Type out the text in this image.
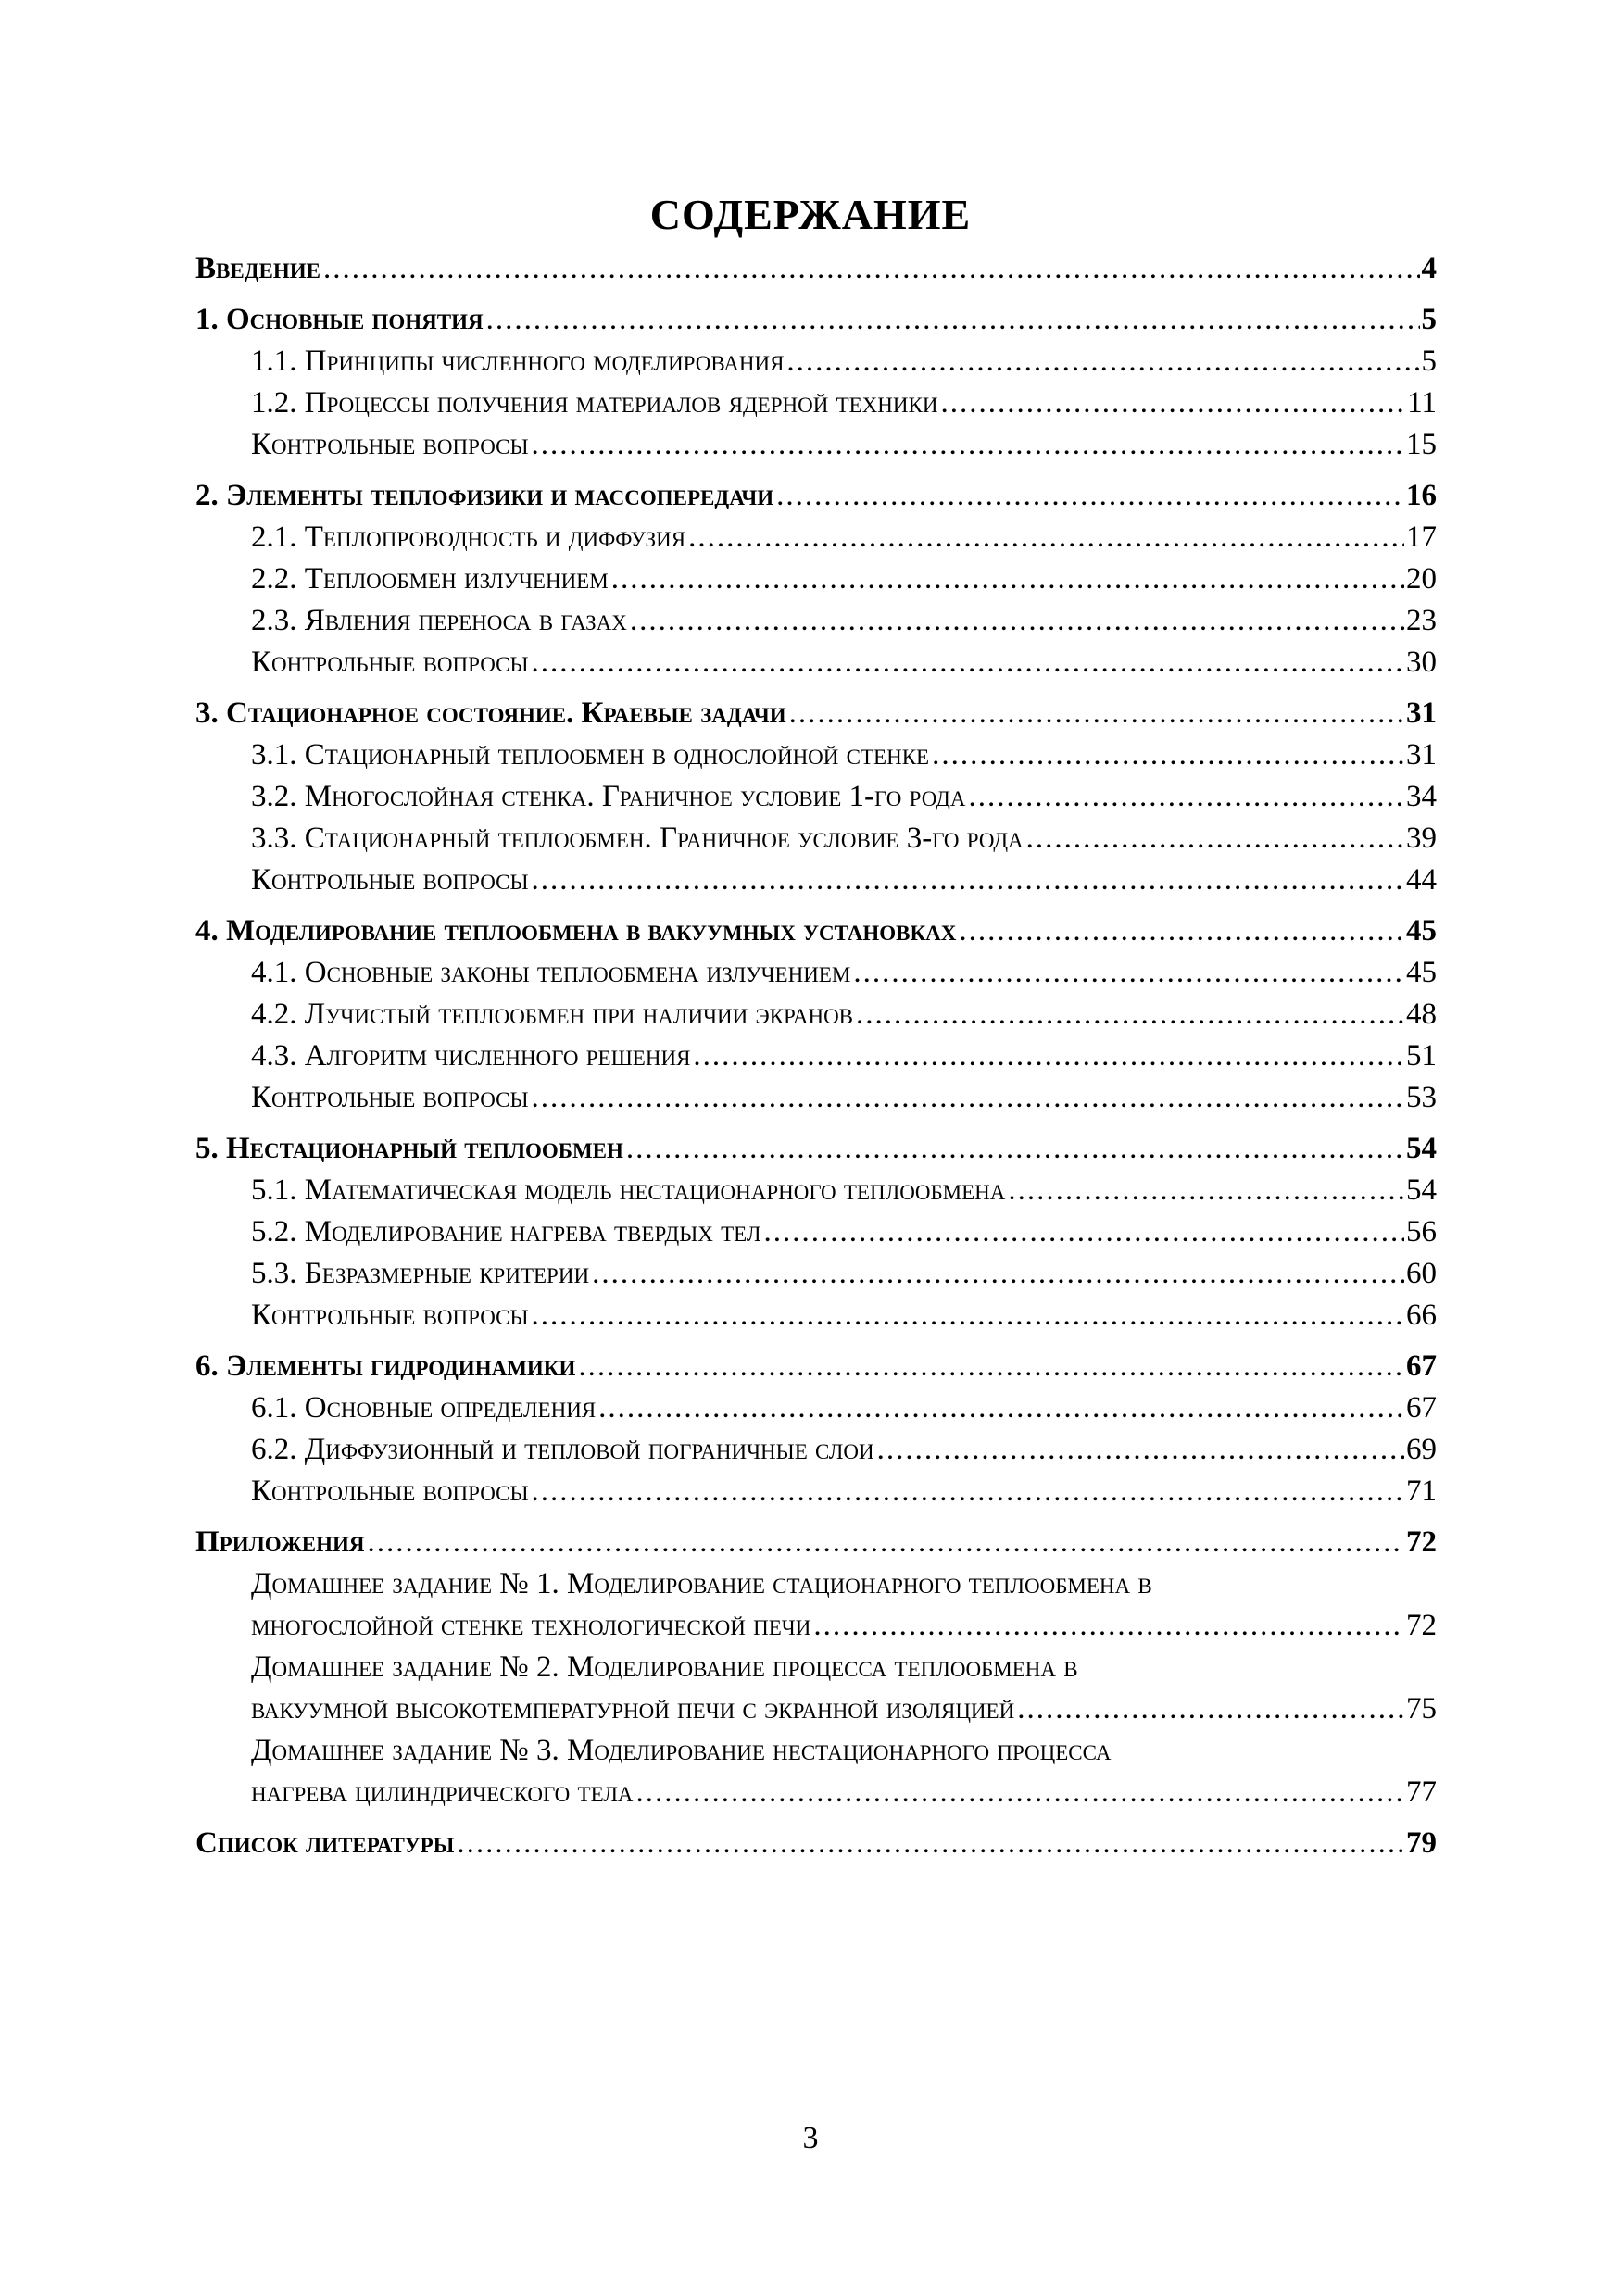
СОДЕРЖАНИЕ
Введение .....	4
1. Основные понятия .....	5
1.1. Принципы численного моделирования .....	5
1.2. Процессы получения материалов ядерной техники .....	11
Контрольные вопросы .....	15
2. Элементы теплофизики и массопередачи .....	16
2.1. Теплопроводность и диффузия .....	17
2.2. Теплообмен излучением .....	20
2.3. Явления переноса в газах .....	23
Контрольные вопросы .....	30
3. Стационарное состояние. Краевые задачи .....	31
3.1. Стационарный теплообмен в однослойной стенке .....	31
3.2. Многослойная стенка. Граничное условие 1-го рода .....	34
3.3. Стационарный теплообмен. Граничное условие 3-го рода .....	39
Контрольные вопросы .....	44
4. Моделирование теплообмена в вакуумных установках .....	45
4.1. Основные законы теплообмена излучением .....	45
4.2. Лучистый теплообмен при наличии экранов .....	48
4.3. Алгоритм численного решения .....	51
Контрольные вопросы .....	53
5. Нестационарный теплообмен .....	54
5.1. Математическая модель нестационарного теплообмена .....	54
5.2. Моделирование нагрева твердых тел .....	56
5.3. Безразмерные критерии .....	60
Контрольные вопросы .....	66
6. Элементы гидродинамики .....	67
6.1. Основные определения .....	67
6.2. Диффузионный и тепловой пограничные слои .....	69
Контрольные вопросы .....	71
Приложения .....	72
Домашнее задание № 1. Моделирование стационарного теплообмена в
многослойной стенке технологической печи .....	72
Домашнее задание № 2. Моделирование процесса теплообмена в
вакуумной высокотемпературной печи с экранной изоляцией .....	75
Домашнее задание № 3. Моделирование нестационарного процесса
нагрева цилиндрического тела .....	77
Список литературы .....	79
3
